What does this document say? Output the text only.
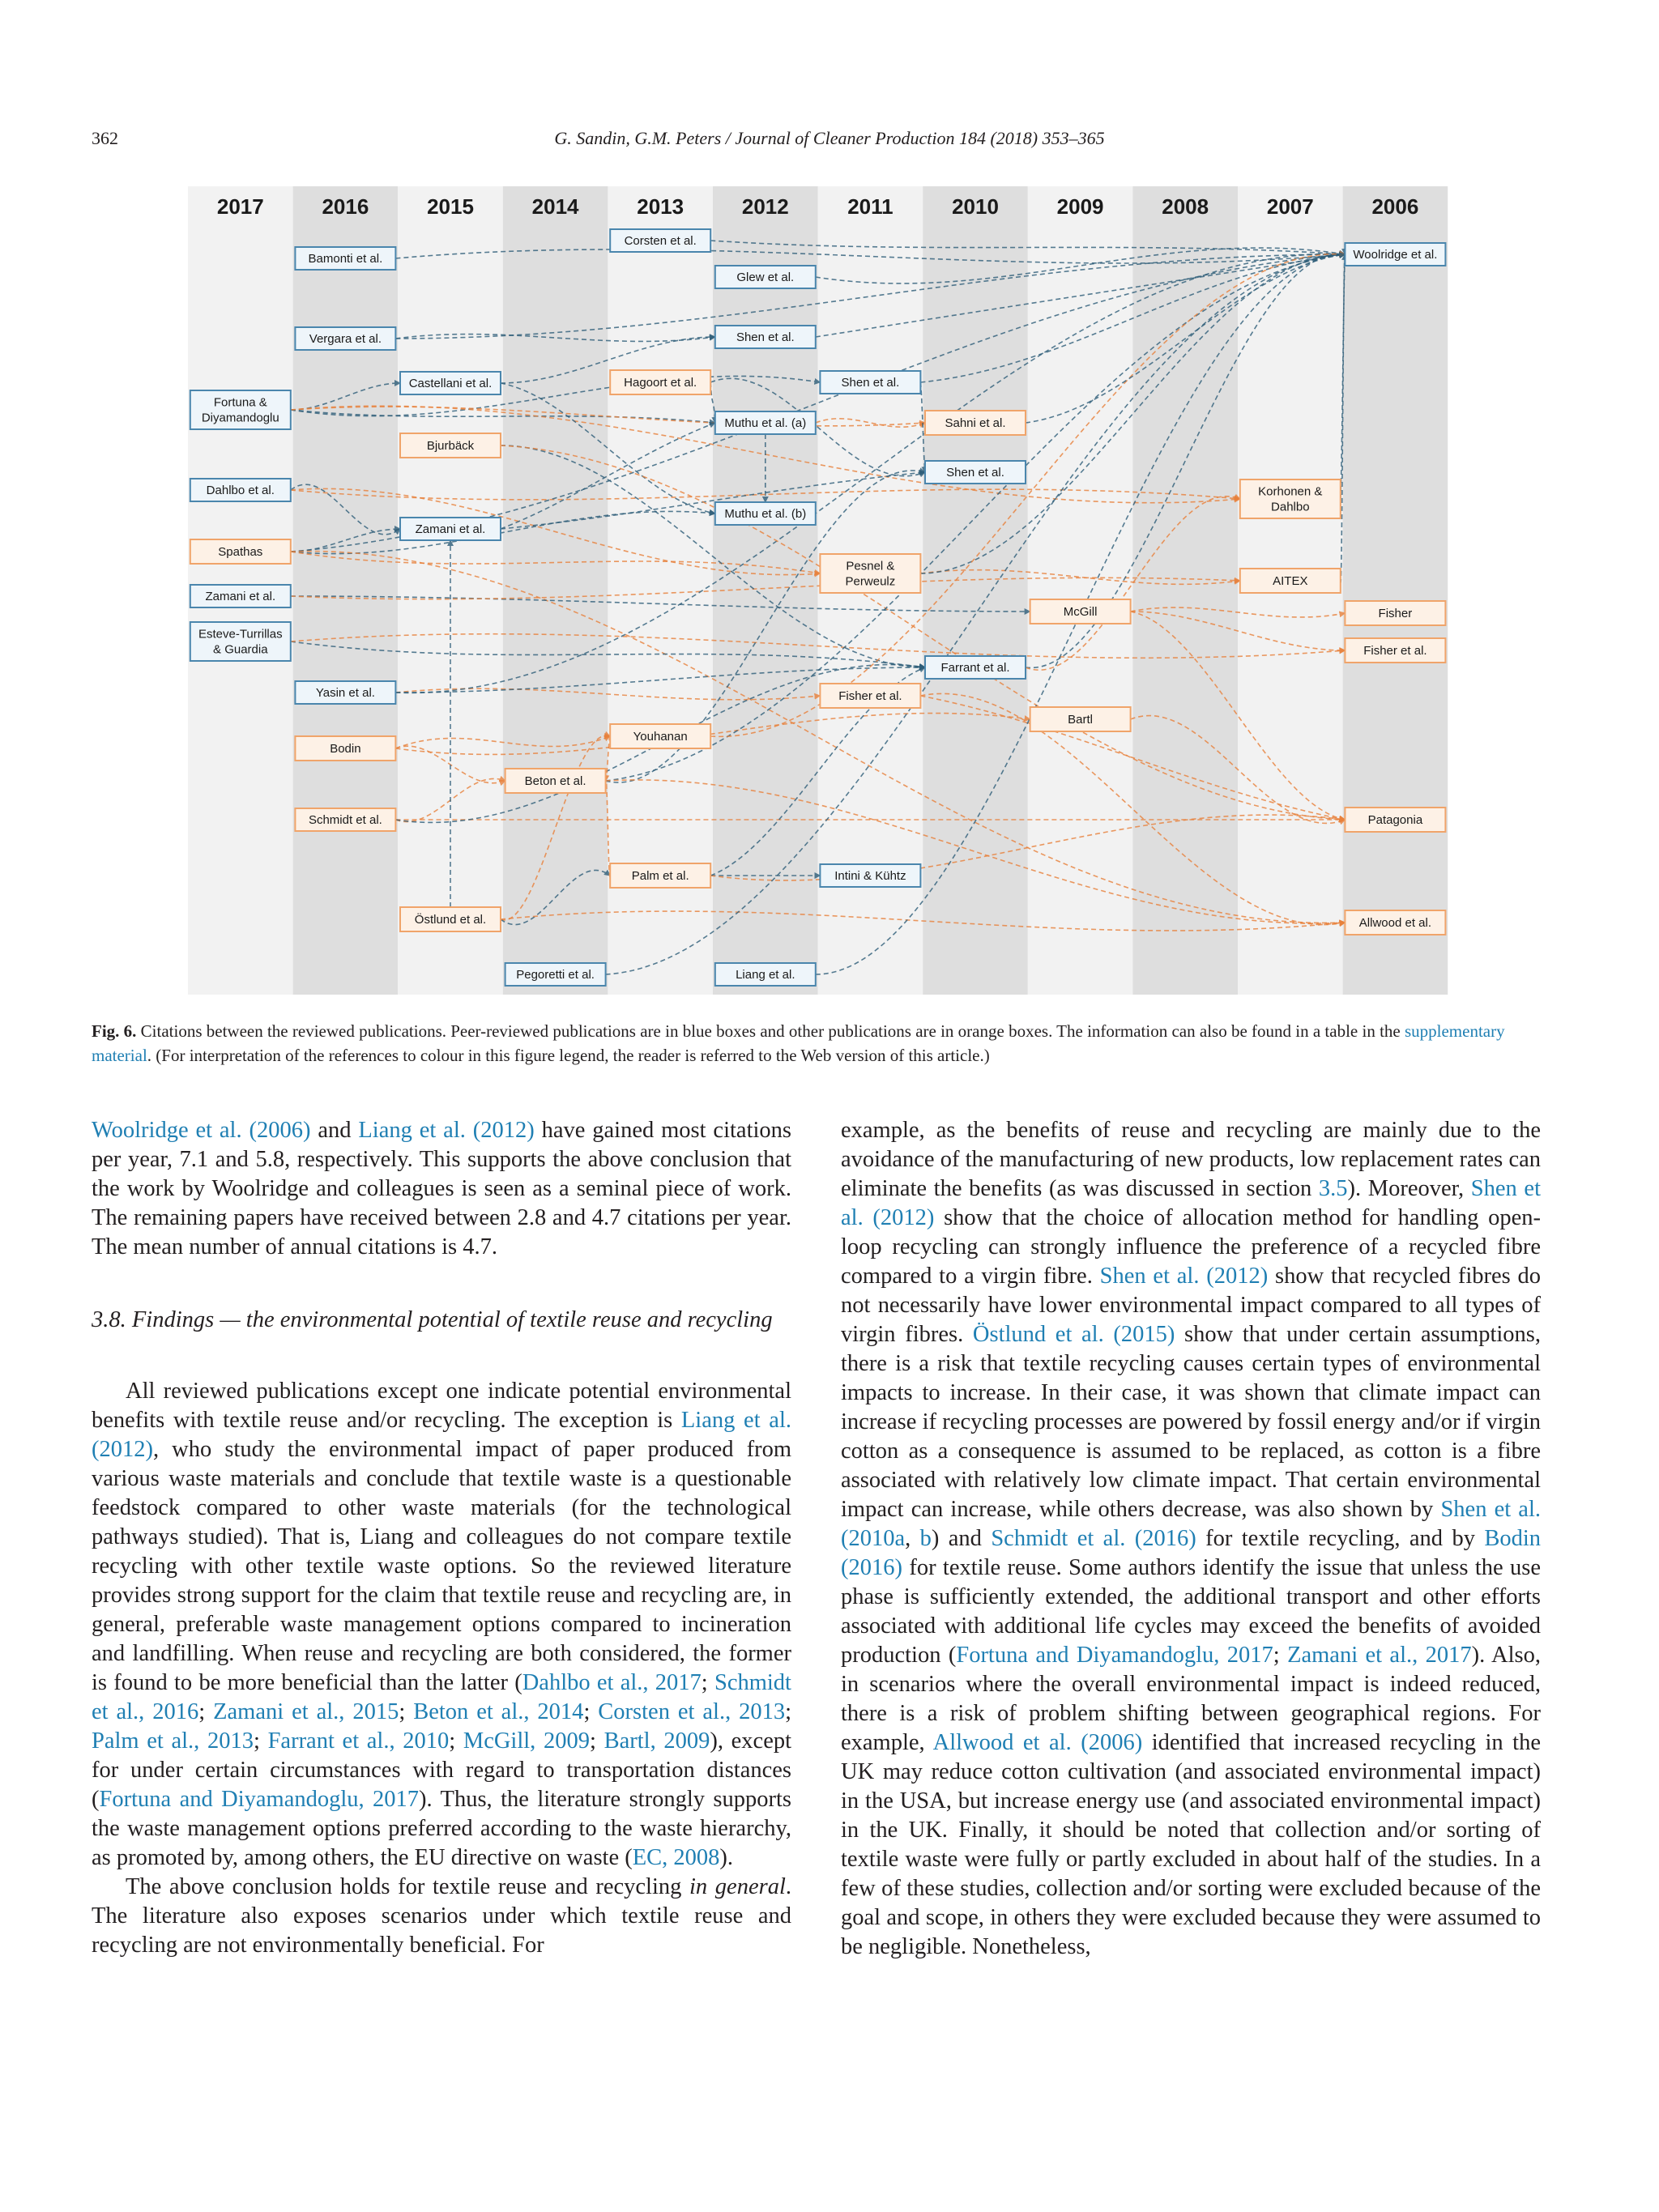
362	G. Sandin, G.M. Peters / Journal of Cleaner Production 184 (2018) 353–365
2017	2016	2015	2014	2013	2012	2011	2010	2009	2008	2007	2006
Bamonti et al.
Vergara et al.
Fortuna &
Diyamandoglu
Dahlbo et al.
Spathas
Zamani et al.
Esteve-Turrillas
& Guardia
Yasin et al.
Bodin
Schmidt et al.
Castellani et al.
Bjurbäck
Zamani et al.
Östlund et al.
Beton et al.
Pegoretti et al.
Corsten et al.
Hagoort et al.
Youhanan
Palm et al.
Glew et al.
Shen et al.
Muthu et al. (a)
Muthu et al. (b)
Liang et al.
Shen et al.
Pesnel &
Perweulz
Fisher et al.
Intini & Kühtz
Sahni et al.
Shen et al.
Farrant et al.
McGill
Bartl
Korhonen &
Dahlbo
AITEX
Woolridge et al.
Fisher
Fisher et al.
Patagonia
Allwood et al.
Fig. 6. Citations between the reviewed publications. Peer-reviewed publications are in blue boxes and other publications are in orange boxes. The information can also be found in a table in the supplementary material. (For interpretation of the references to colour in this figure legend, the reader is referred to the Web version of this article.)

Woolridge et al. (2006) and Liang et al. (2012) have gained most citations per year, 7.1 and 5.8, respectively. This supports the above conclusion that the work by Woolridge and colleagues is seen as a seminal piece of work. The remaining papers have received between 2.8 and 4.7 citations per year. The mean number of annual citations is 4.7.

3.8. Findings — the environmental potential of textile reuse and recycling

All reviewed publications except one indicate potential environmental benefits with textile reuse and/or recycling. The exception is Liang et al. (2012), who study the environmental impact of paper produced from various waste materials and conclude that textile waste is a questionable feedstock compared to other waste materials (for the technological pathways studied). That is, Liang and colleagues do not compare textile recycling with other textile waste options. So the reviewed literature provides strong support for the claim that textile reuse and recycling are, in general, preferable waste management options compared to incineration and landfilling. When reuse and recycling are both considered, the former is found to be more beneficial than the latter (Dahlbo et al., 2017; Schmidt et al., 2016; Zamani et al., 2015; Beton et al., 2014; Corsten et al., 2013; Palm et al., 2013; Farrant et al., 2010; McGill, 2009; Bartl, 2009), except for under certain circumstances with regard to transportation distances (Fortuna and Diyamandoglu, 2017). Thus, the literature strongly supports the waste management options preferred according to the waste hierarchy, as promoted by, among others, the EU directive on waste (EC, 2008).

The above conclusion holds for textile reuse and recycling in general. The literature also exposes scenarios under which textile reuse and recycling are not environmentally beneficial. For

example, as the benefits of reuse and recycling are mainly due to the avoidance of the manufacturing of new products, low replacement rates can eliminate the benefits (as was discussed in section 3.5). Moreover, Shen et al. (2012) show that the choice of allocation method for handling open-loop recycling can strongly influence the preference of a recycled fibre compared to a virgin fibre. Shen et al. (2012) show that recycled fibres do not necessarily have lower environmental impact compared to all types of virgin fibres. Östlund et al. (2015) show that under certain assumptions, there is a risk that textile recycling causes certain types of environmental impacts to increase. In their case, it was shown that climate impact can increase if recycling processes are powered by fossil energy and/or if virgin cotton as a consequence is assumed to be replaced, as cotton is a fibre associated with relatively low climate impact. That certain environmental impact can increase, while others decrease, was also shown by Shen et al. (2010a, b) and Schmidt et al. (2016) for textile recycling, and by Bodin (2016) for textile reuse. Some authors identify the issue that unless the use phase is sufficiently extended, the additional transport and other efforts associated with additional life cycles may exceed the benefits of avoided production (Fortuna and Diyamandoglu, 2017; Zamani et al., 2017). Also, in scenarios where the overall environmental impact is indeed reduced, there is a risk of problem shifting between geographical regions. For example, Allwood et al. (2006) identified that increased recycling in the UK may reduce cotton cultivation (and associated environmental impact) in the USA, but increase energy use (and associated environmental impact) in the UK. Finally, it should be noted that collection and/or sorting of textile waste were fully or partly excluded in about half of the studies. In a few of these studies, collection and/or sorting were excluded because of the goal and scope, in others they were excluded because they were assumed to be negligible. Nonetheless,
